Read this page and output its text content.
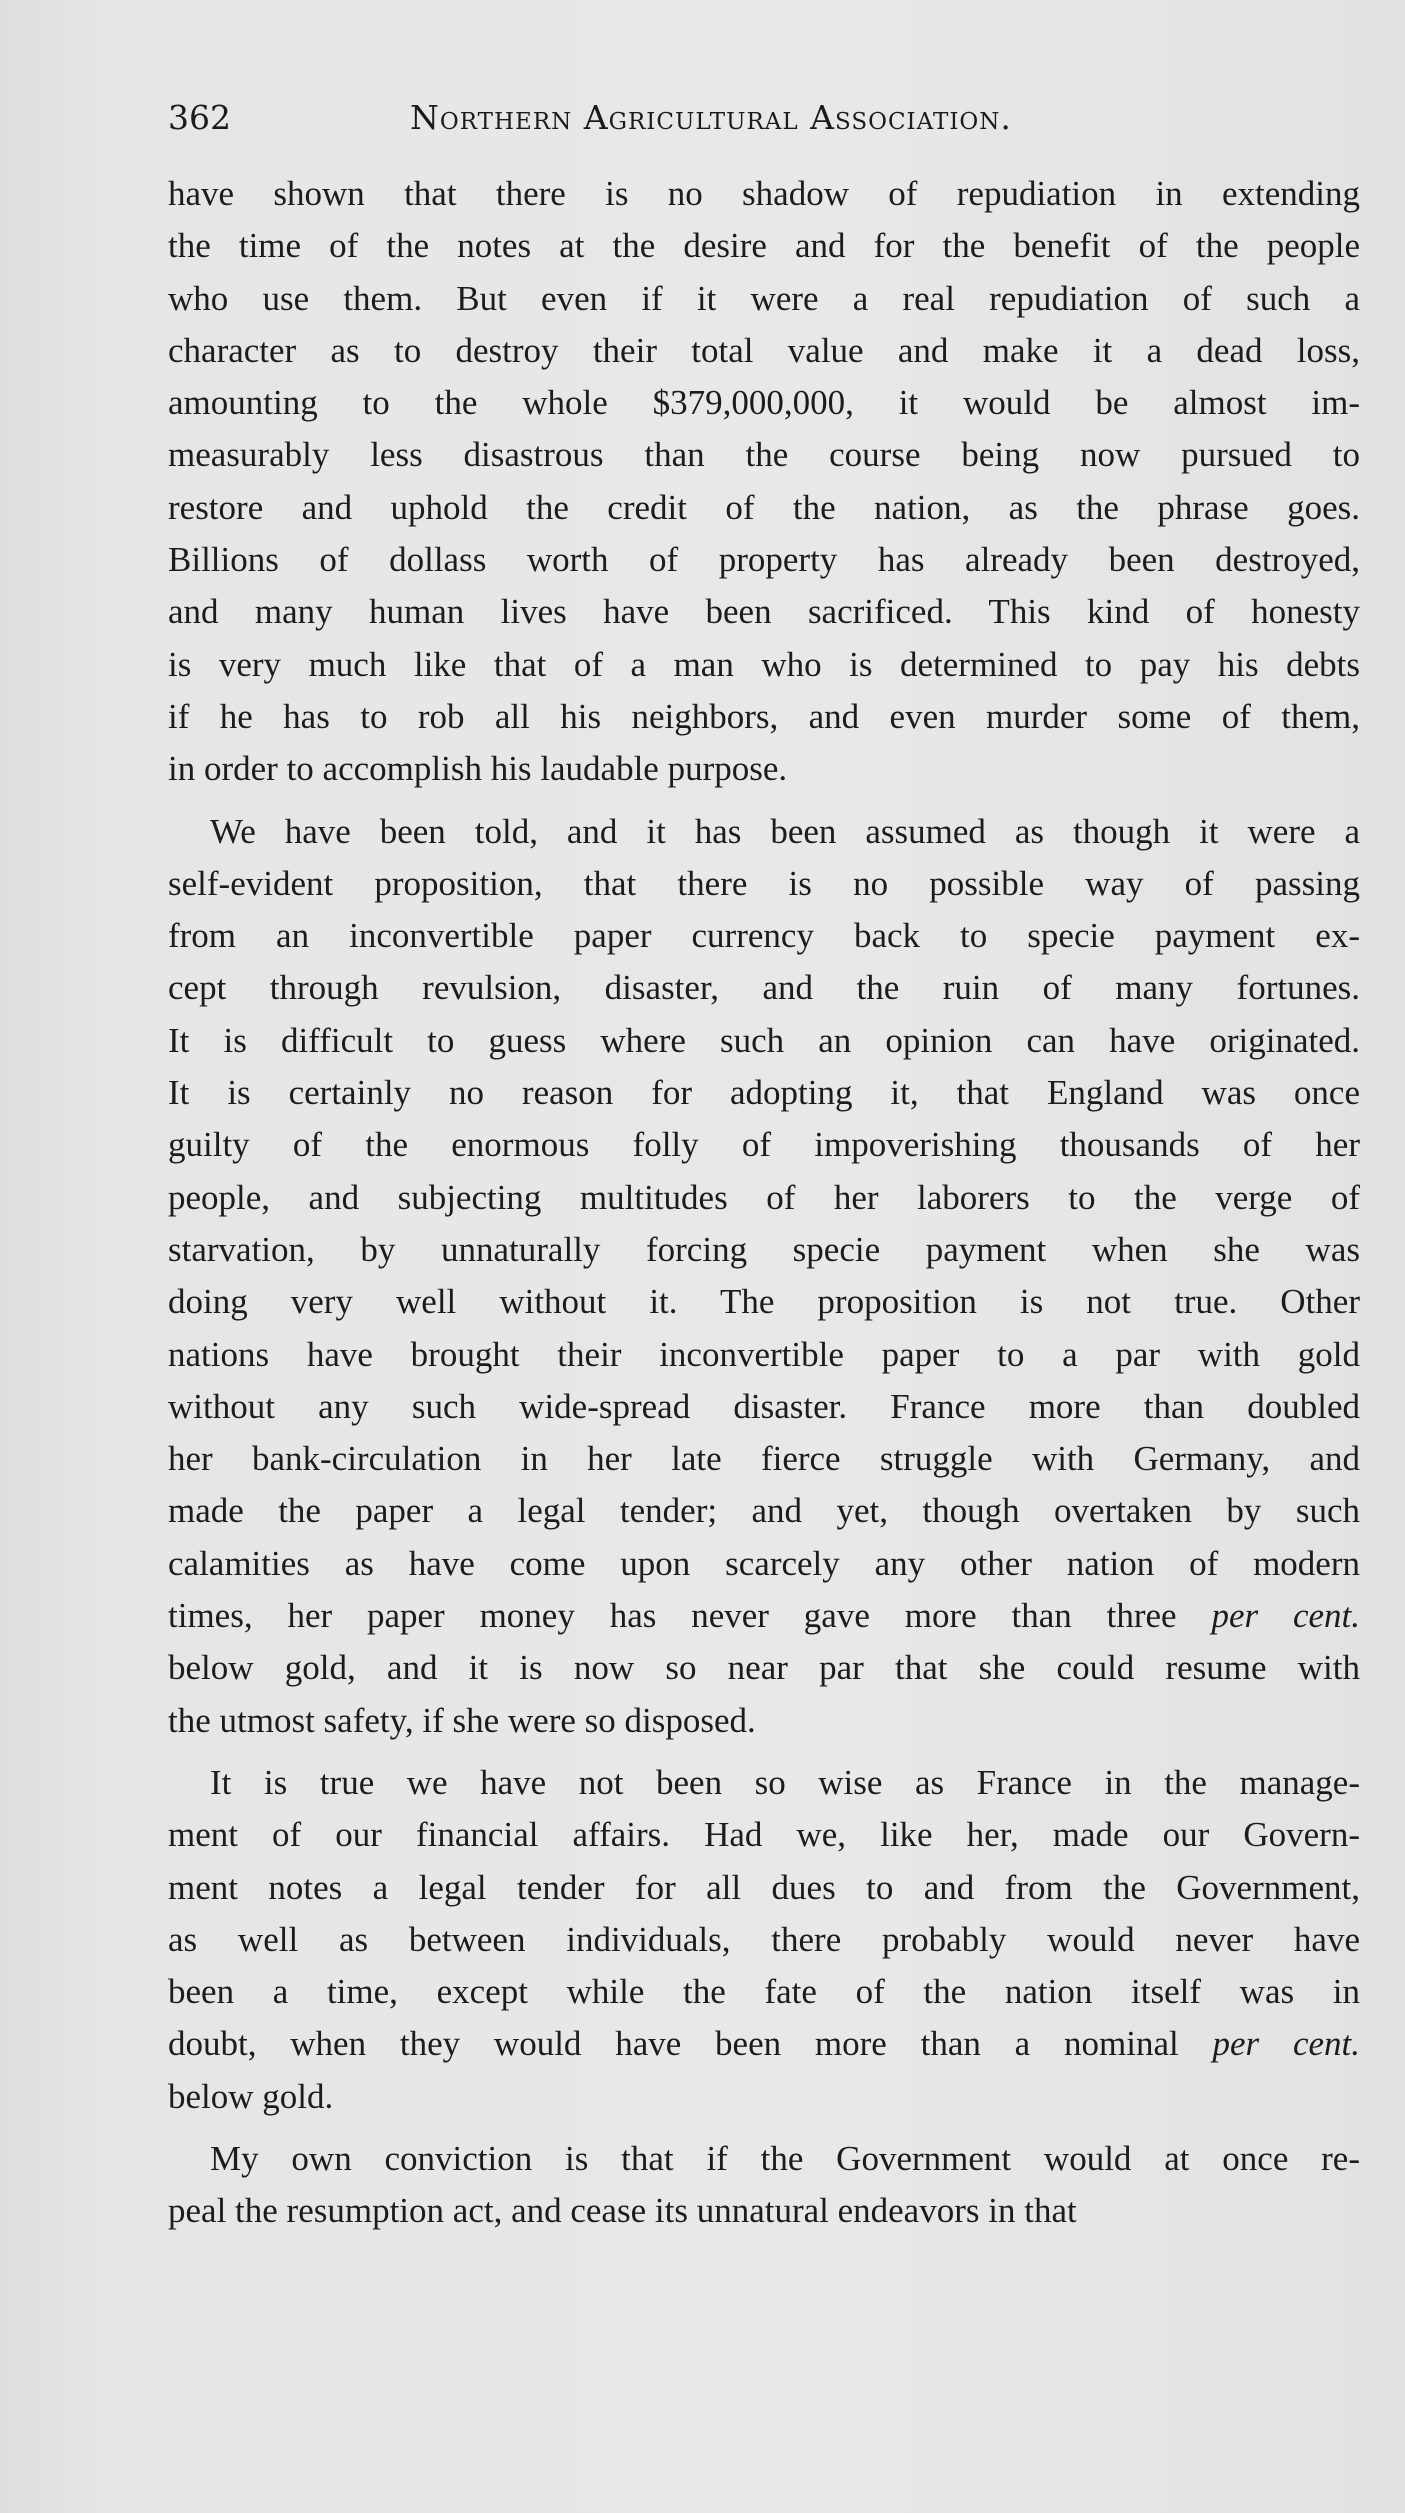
362	Northern Agricultural Association.
have shown that there is no shadow of repudiation in extending
the time of the notes at the desire and for the benefit of the people
who use them. But even if it were a real repudiation of such a
character as to destroy their total value and make it a dead loss,
amounting to the whole $379,000,000, it would be almost im-
measurably less disastrous than the course being now pursued to
restore and uphold the credit of the nation, as the phrase goes.
Billions of dollass worth of property has already been destroyed,
and many human lives have been sacrificed. This kind of honesty
is very much like that of a man who is determined to pay his debts
if he has to rob all his neighbors, and even murder some of them,
in order to accomplish his laudable purpose.
We have been told, and it has been assumed as though it were a
self-evident proposition, that there is no possible way of passing
from an inconvertible paper currency back to specie payment ex-
cept through revulsion, disaster, and the ruin of many fortunes.
It is difficult to guess where such an opinion can have originated.
It is certainly no reason for adopting it, that England was once
guilty of the enormous folly of impoverishing thousands of her
people, and subjecting multitudes of her laborers to the verge of
starvation, by unnaturally forcing specie payment when she was
doing very well without it. The proposition is not true. Other
nations have brought their inconvertible paper to a par with gold
without any such wide-spread disaster. France more than doubled
her bank-circulation in her late fierce struggle with Germany, and
made the paper a legal tender; and yet, though overtaken by such
calamities as have come upon scarcely any other nation of modern
times, her paper money has never gave more than three per cent.
below gold, and it is now so near par that she could resume with
the utmost safety, if she were so disposed.
It is true we have not been so wise as France in the manage-
ment of our financial affairs. Had we, like her, made our Govern-
ment notes a legal tender for all dues to and from the Government,
as well as between individuals, there probably would never have
been a time, except while the fate of the nation itself was in
doubt, when they would have been more than a nominal per cent.
below gold.
My own conviction is that if the Government would at once re-
peal the resumption act, and cease its unnatural endeavors in that
